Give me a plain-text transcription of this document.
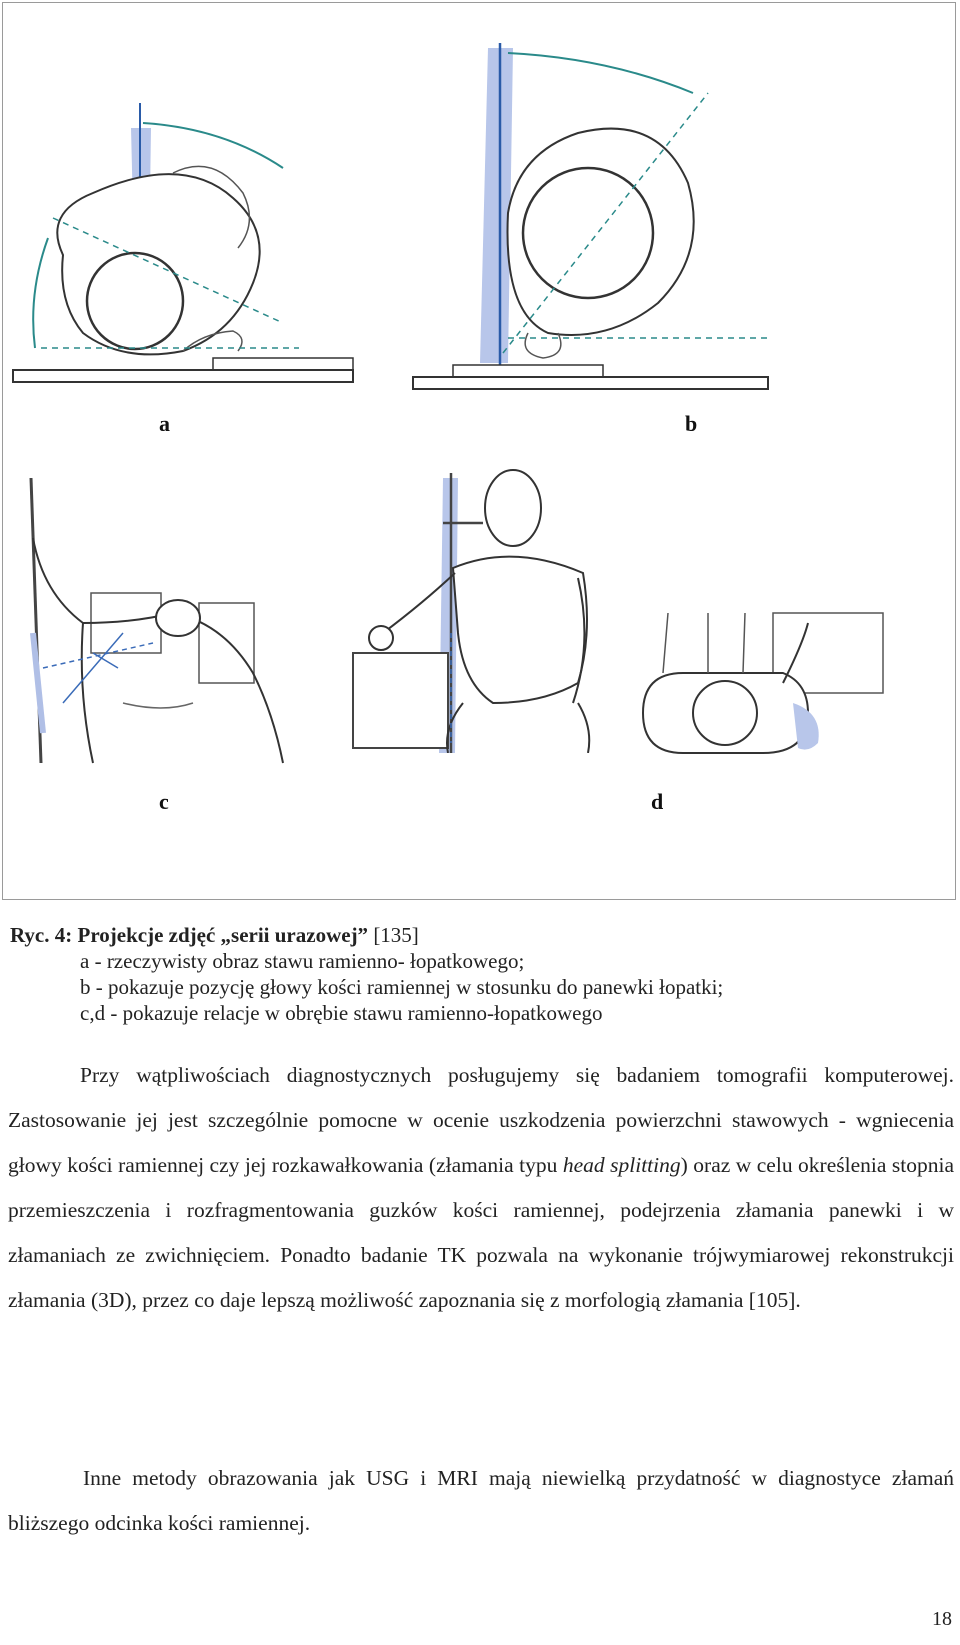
a	b
c	d
Ryc. 4: Projekcje zdjęć „serii urazowej” [135]
a - rzeczywisty obraz stawu ramienno- łopatkowego;
b - pokazuje pozycję głowy kości ramiennej w stosunku do panewki łopatki;
c,d - pokazuje relacje w obrębie stawu ramienno-łopatkowego
Przy wątpliwościach diagnostycznych posługujemy się badaniem tomografii komputerowej. Zastosowanie jej jest szczególnie pomocne w ocenie uszkodzenia powierzchni stawowych - wgniecenia głowy kości ramiennej czy jej rozkawałkowania (złamania typu head splitting) oraz w celu określenia stopnia przemieszczenia i rozfragmentowania guzków kości ramiennej, podejrzenia złamania panewki i w złamaniach ze zwichnięciem. Ponadto badanie TK pozwala na wykonanie trójwymiarowej rekonstrukcji złamania (3D), przez co daje lepszą możliwość zapoznania się z morfologią złamania [105].
Inne metody obrazowania jak USG i MRI mają niewielką przydatność w diagnostyce złamań bliższego odcinka kości ramiennej.
18
